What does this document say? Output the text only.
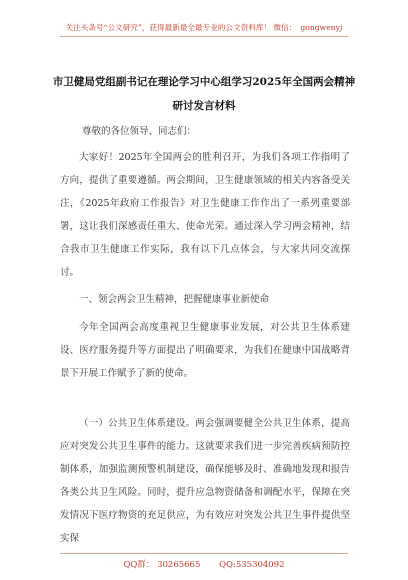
关注头条号“公文研究”，获得最新最全最专业的公文资料库！ 微信： gongwenyj
市卫健局党组副书记在理论学习中心组学习2025年全国两会精神研讨发言材料
尊敬的各位领导、同志们：
大家好！2025年全国两会的胜利召开，为我们各项工作指明了方向，提供了重要遵循。两会期间，卫生健康领域的相关内容备受关注，《2025年政府工作报告》对卫生健康工作作出了一系列重要部署，这让我们深感责任重大、使命光荣。通过深入学习两会精神，结合我市卫生健康工作实际，我有以下几点体会，与大家共同交流探讨。
一、领会两会卫生精神，把握健康事业新使命
今年全国两会高度重视卫生健康事业发展，对公共卫生体系建设、医疗服务提升等方面提出了明确要求，为我们在健康中国战略背景下开展工作赋予了新的使命。
（一）公共卫生体系建设。两会强调要健全公共卫生体系，提高应对突发公共卫生事件的能力。这就要求我们进一步完善疾病预防控制体系，加强监测预警机制建设，确保能够及时、准确地发现和报告各类公共卫生风险。同时，提升应急物资储备和调配水平，保障在突发情况下医疗物资的充足供应，为有效应对突发公共卫生事件提供坚实保
QQ群： 30265665 QQ:535304092
